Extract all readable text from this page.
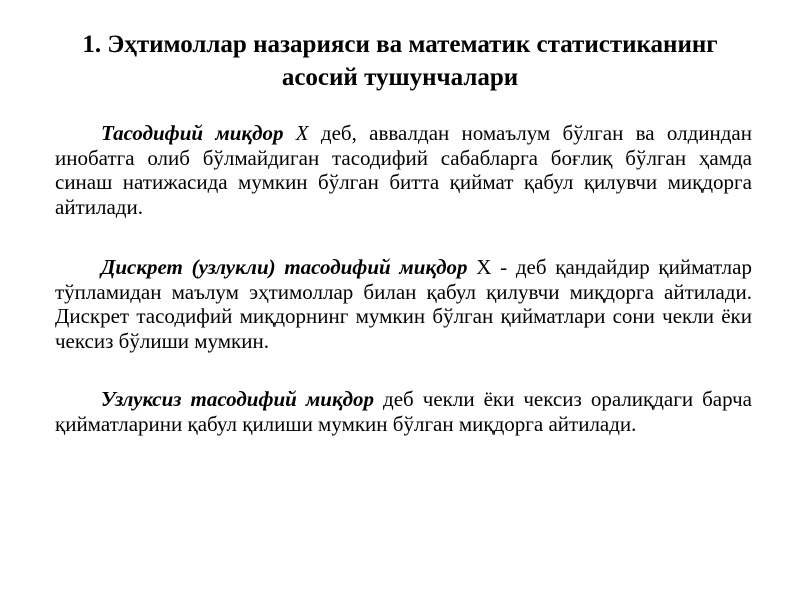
1. Эҳтимоллар назарияси ва математик статистиканинг
асосий тушунчалари

Тасодифий миқдор Х деб, аввалдан номаълум бўлган ва олдиндан инобатга олиб бўлмайдиган тасодифий сабабларга боғлиқ бўлган ҳамда синаш натижасида мумкин бўлган битта қиймат қабул қилувчи миқдорга айтилади.

Дискрет (узлукли) тасодифий миқдор X - деб қандайдир қийматлар тўпламидан маълум эҳтимоллар билан қабул қилувчи миқдорга айтилади. Дискрет тасодифий миқдорнинг мумкин бўлган қийматлари сони чекли ёки чексиз бўлиши мумкин.

Узлуксиз тасодифий миқдор деб чекли ёки чексиз оралиқдаги барча қийматларини қабул қилиши мумкин бўлган миқдорга айтилади.
